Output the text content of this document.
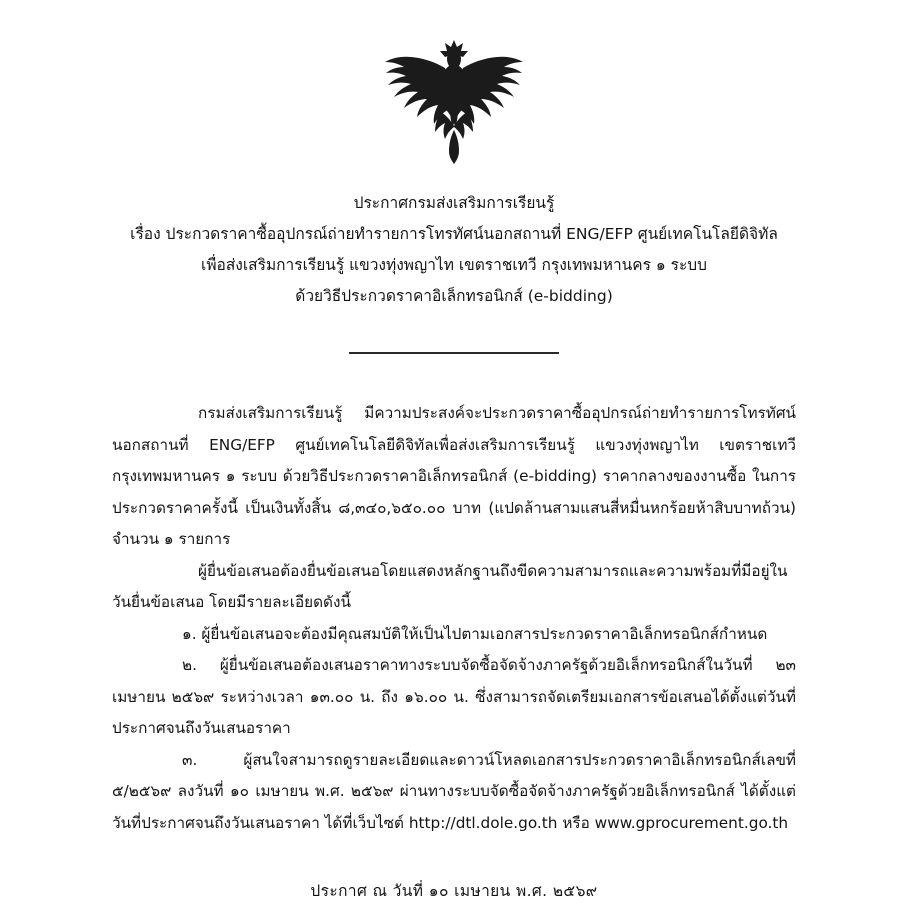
ประกาศกรมส่งเสริมการเรียนรู้
เรื่อง ประกวดราคาซื้ออุปกรณ์ถ่ายทำรายการโทรทัศน์นอกสถานที่ ENG/EFP ศูนย์เทคโนโลยีดิจิทัล
เพื่อส่งเสริมการเรียนรู้ แขวงทุ่งพญาไท เขตราชเทวี กรุงเทพมหานคร ๑ ระบบ
ด้วยวิธีประกวดราคาอิเล็กทรอนิกส์ (e-bidding)

กรมส่งเสริมการเรียนรู้ มีความประสงค์จะประกวดราคาซื้ออุปกรณ์ถ่ายทำรายการโทรทัศน์นอกสถานที่ ENG/EFP ศูนย์เทคโนโลยีดิจิทัลเพื่อส่งเสริมการเรียนรู้ แขวงทุ่งพญาไท เขตราชเทวี กรุงเทพมหานคร ๑ ระบบ ด้วยวิธีประกวดราคาอิเล็กทรอนิกส์ (e-bidding) ราคากลางของงานซื้อ ในการประกวดราคาครั้งนี้ เป็นเงินทั้งสิ้น ๘,๓๔๐,๖๕๐.๐๐ บาท (แปดล้านสามแสนสี่หมื่นหกร้อยห้าสิบบาทถ้วน) จำนวน ๑ รายการ

ผู้ยื่นข้อเสนอต้องยื่นข้อเสนอโดยแสดงหลักฐานถึงขีดความสามารถและความพร้อมที่มีอยู่ในวันยื่นข้อเสนอ โดยมีรายละเอียดดังนี้

๑. ผู้ยื่นข้อเสนอจะต้องมีคุณสมบัติให้เป็นไปตามเอกสารประกวดราคาอิเล็กทรอนิกส์กำหนด

๒. ผู้ยื่นข้อเสนอต้องเสนอราคาทางระบบจัดซื้อจัดจ้างภาครัฐด้วยอิเล็กทรอนิกส์ในวันที่ ๒๓ เมษายน ๒๕๖๙ ระหว่างเวลา ๑๓.๐๐ น. ถึง ๑๖.๐๐ น. ซึ่งสามารถจัดเตรียมเอกสารข้อเสนอได้ตั้งแต่วันที่ประกาศจนถึงวันเสนอราคา

๓. ผู้สนใจสามารถดูรายละเอียดและดาวน์โหลดเอกสารประกวดราคาอิเล็กทรอนิกส์เลขที่ ๕/๒๕๖๙ ลงวันที่ ๑๐ เมษายน พ.ศ. ๒๕๖๙ ผ่านทางระบบจัดซื้อจัดจ้างภาครัฐด้วยอิเล็กทรอนิกส์ ได้ตั้งแต่วันที่ประกาศจนถึงวันเสนอราคา ได้ที่เว็บไซต์ http://dtl.dole.go.th หรือ www.gprocurement.go.th

ประกาศ ณ วันที่ ๑๐ เมษายน พ.ศ. ๒๕๖๙
